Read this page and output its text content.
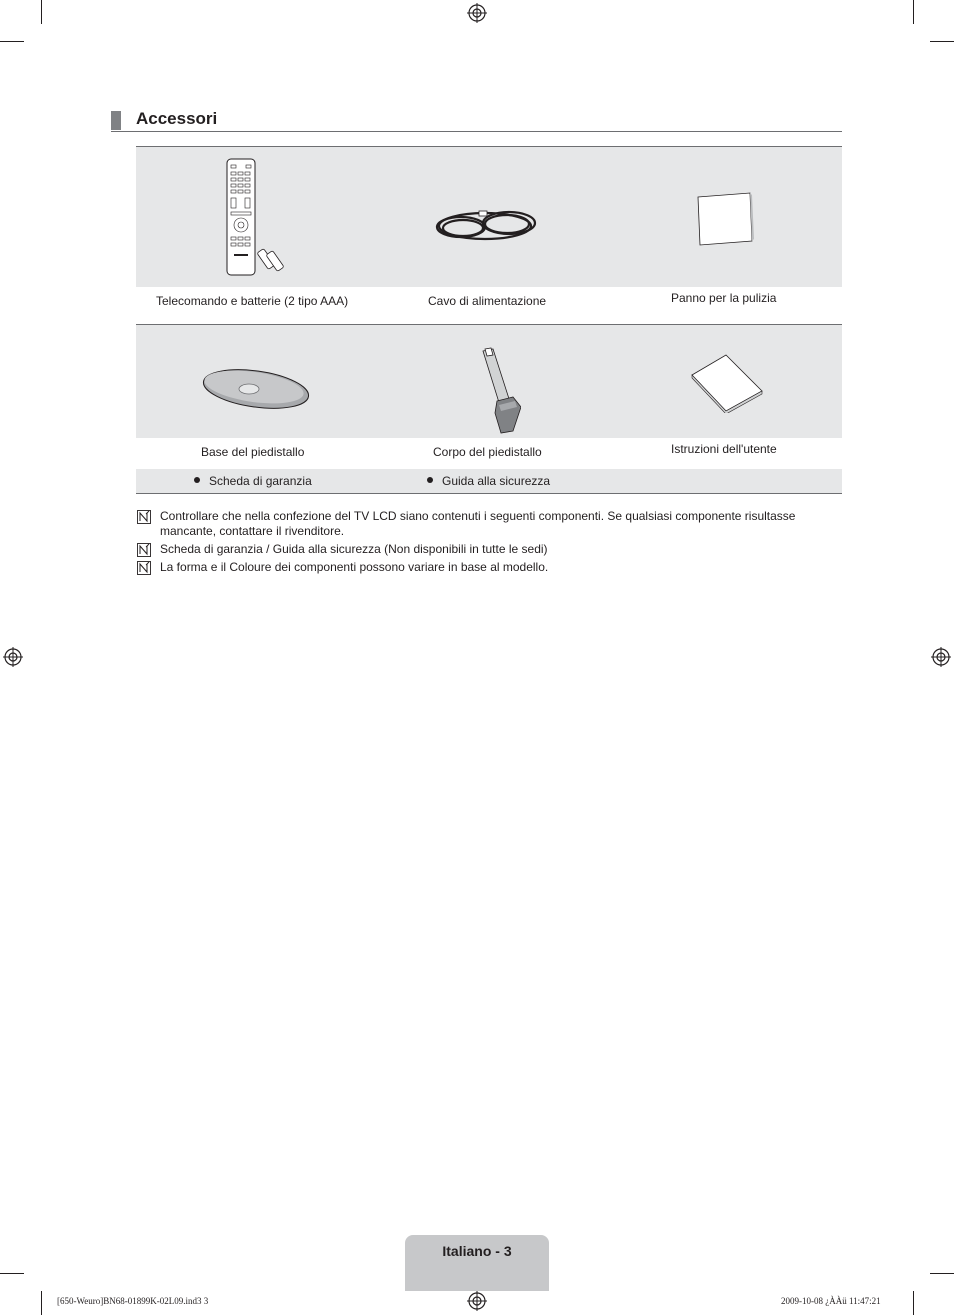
Accessori
Telecomando e batterie (2 tipo AAA)	Cavo di alimentazione	Panno per la pulizia
Base del piedistallo	Corpo del piedistallo	Istruzioni dell'utente
Scheda di garanzia	Guida alla sicurezza
Controllare che nella confezione del TV LCD siano contenuti i seguenti componenti. Se qualsiasi componente risultasse mancante, contattare il rivenditore.
Scheda di garanzia / Guida alla sicurezza (Non disponibili in tutte le sedi)
La forma e il Coloure dei componenti possono variare in base al modello.
Italiano - 3
[650-Weuro]BN68-01899K-02L09.ind3 3	2009-10-08 ¿ÀÀü 11:47:21
